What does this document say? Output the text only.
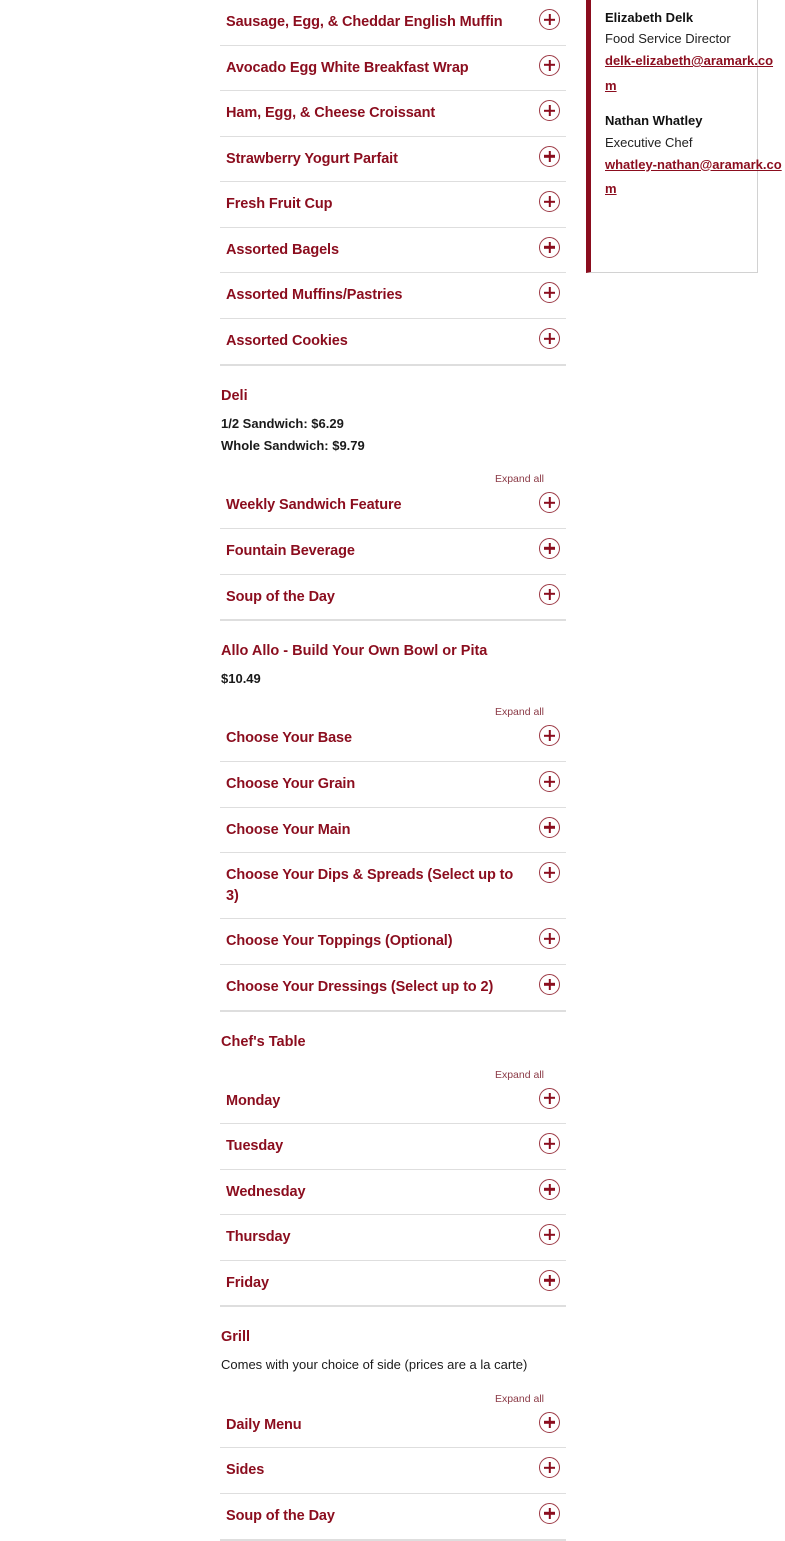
Sausage, Egg, & Cheddar English Muffin
Avocado Egg White Breakfast Wrap
Ham, Egg, & Cheese Croissant
Strawberry Yogurt Parfait
Fresh Fruit Cup
Assorted Bagels
Assorted Muffins/Pastries
Assorted Cookies
Deli
1/2 Sandwich: $6.29
Whole Sandwich: $9.79
Expand all
Weekly Sandwich Feature
Fountain Beverage
Soup of the Day
Allo Allo - Build Your Own Bowl or Pita
$10.49
Expand all
Choose Your Base
Choose Your Grain
Choose Your Main
Choose Your Dips & Spreads (Select up to 3)
Choose Your Toppings (Optional)
Choose Your Dressings (Select up to 2)
Chef's Table
Expand all
Monday
Tuesday
Wednesday
Thursday
Friday
Grill
Comes with your choice of side (prices are a la carte)
Expand all
Daily Menu
Sides
Soup of the Day
Elizabeth Delk
Food Service Director
delk-elizabeth@aramark.com
Nathan Whatley
Executive Chef
whatley-nathan@aramark.com
